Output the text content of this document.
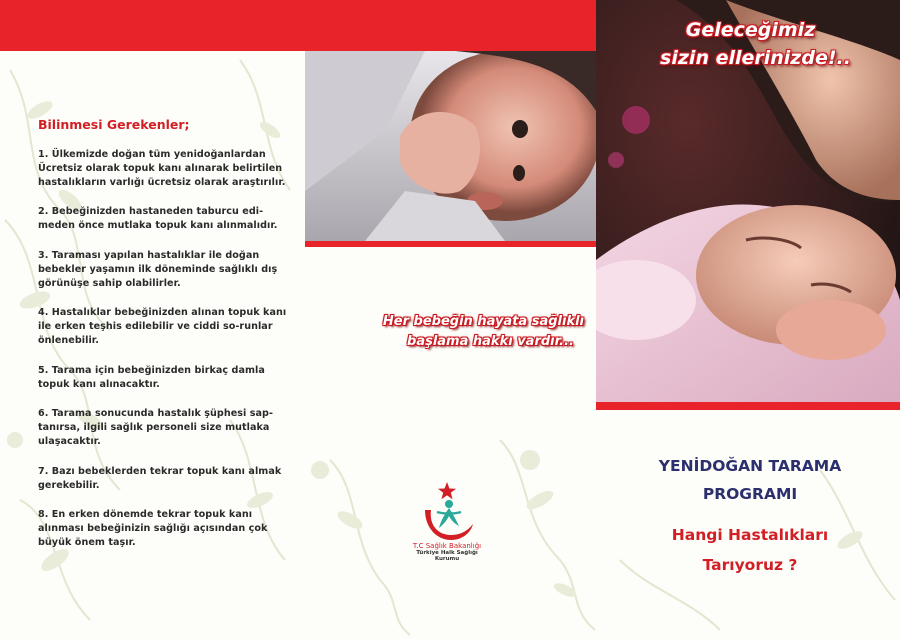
Geleceğimiz
sizin ellerinizde!..
Bilinmesi Gerekenler;
1. Ülkemizde doğan tüm yenidoğanlardan Ücretsiz olarak topuk kanı alınarak belirtilen hastalıkların varlığı ücretsiz olarak araştırılır.
2. Bebeğinizden hastaneden taburcu edi-meden önce mutlaka topuk kanı alınmalıdır.
3. Taraması yapılan hastalıklar ile doğan bebekler yaşamın ilk döneminde sağlıklı dış görünüşe sahip olabilirler.
4. Hastalıklar bebeğinizden alınan topuk kanı ile erken teşhis edilebilir ve ciddi so-runlar önlenebilir.
5. Tarama için bebeğinizden birkaç damla topuk kanı alınacaktır.
6. Tarama sonucunda hastalık şüphesi sap-tanırsa, ilgili sağlık personeli size mutlaka ulaşacaktır.
7. Bazı bebeklerden tekrar topuk kanı almak gerekebilir.
8. En erken dönemde tekrar topuk kanı alınması bebeğinizin sağlığı açısından çok büyük önem taşır.
Her bebeğin hayata sağlıklı
başlama hakkı vardır...
T.C Sağlık Bakanlığı
Türkiye Halk Sağlığı
Kurumu
YENİDOĞAN TARAMA
PROGRAMI
Hangi Hastalıkları
Tarıyoruz ?
